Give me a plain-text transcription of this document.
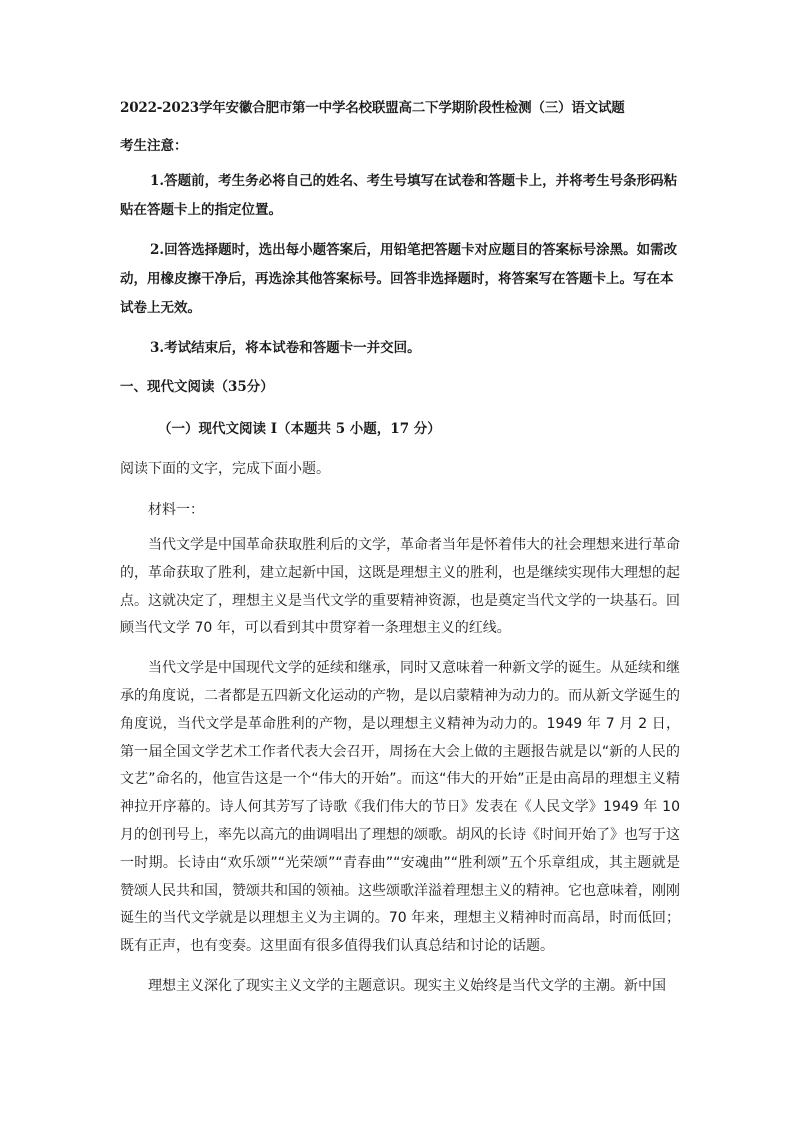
2022-2023学年安徽合肥市第一中学名校联盟高二下学期阶段性检测（三）语文试题
考生注意：
1.答题前，考生务必将自己的姓名、考生号填写在试卷和答题卡上，并将考生号条形码粘贴在答题卡上的指定位置。
2.回答选择题时，选出每小题答案后，用铅笔把答题卡对应题目的答案标号涂黑。如需改动，用橡皮擦干净后，再选涂其他答案标号。回答非选择题时，将答案写在答题卡上。写在本试卷上无效。
3.考试结束后，将本试卷和答题卡一并交回。
一、现代文阅读（35分）
（一）现代文阅读 I（本题共 5 小题，17 分）
阅读下面的文字，完成下面小题。
材料一：
当代文学是中国革命获取胜利后的文学，革命者当年是怀着伟大的社会理想来进行革命的，革命获取了胜利，建立起新中国，这既是理想主义的胜利，也是继续实现伟大理想的起点。这就决定了，理想主义是当代文学的重要精神资源，也是奠定当代文学的一块基石。回顾当代文学 70 年，可以看到其中贯穿着一条理想主义的红线。
当代文学是中国现代文学的延续和继承，同时又意味着一种新文学的诞生。从延续和继承的角度说，二者都是五四新文化运动的产物，是以启蒙精神为动力的。而从新文学诞生的角度说，当代文学是革命胜利的产物，是以理想主义精神为动力的。1949 年 7 月 2 日，第一届全国文学艺术工作者代表大会召开，周扬在大会上做的主题报告就是以“新的人民的文艺”命名的，他宣告这是一个“伟大的开始”。而这“伟大的开始”正是由高昂的理想主义精神拉开序幕的。诗人何其芳写了诗歌《我们伟大的节日》发表在《人民文学》1949 年 10 月的创刊号上，率先以高亢的曲调唱出了理想的颂歌。胡风的长诗《时间开始了》也写于这一时期。长诗由“欢乐颂”“光荣颂”“青春曲”“安魂曲”“胜利颂”五个乐章组成，其主题就是赞颂人民共和国，赞颂共和国的领袖。这些颂歌洋溢着理想主义的精神。它也意味着，刚刚诞生的当代文学就是以理想主义为主调的。70 年来，理想主义精神时而高昂，时而低回；既有正声，也有变奏。这里面有很多值得我们认真总结和讨论的话题。
理想主义深化了现实主义文学的主题意识。现实主义始终是当代文学的主潮。新中国
